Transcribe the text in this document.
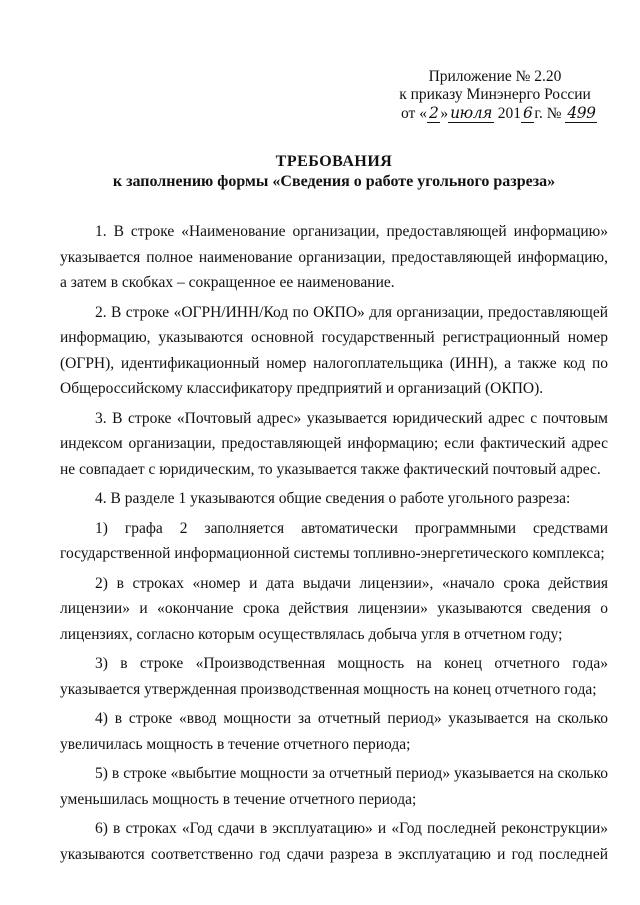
Приложение № 2.20
к приказу Минэнерго России
от « 2 » июля 201 6 г. № 499
ТРЕБОВАНИЯ
к заполнению формы «Сведения о работе угольного разреза»

1. В строке «Наименование организации, предоставляющей информацию» указывается полное наименование организации, предоставляющей информацию, а затем в скобках – сокращенное ее наименование.

2. В строке «ОГРН/ИНН/Код по ОКПО» для организации, предоставляющей информацию, указываются основной государственный регистрационный номер (ОГРН), идентификационный номер налогоплательщика (ИНН), а также код по Общероссийскому классификатору предприятий и организаций (ОКПО).

3. В строке «Почтовый адрес» указывается юридический адрес с почтовым индексом организации, предоставляющей информацию; если фактический адрес не совпадает с юридическим, то указывается также фактический почтовый адрес.

4. В разделе 1 указываются общие сведения о работе угольного разреза:

1) графа 2 заполняется автоматически программными средствами государственной информационной системы топливно-энергетического комплекса;

2) в строках «номер и дата выдачи лицензии», «начало срока действия лицензии» и «окончание срока действия лицензии» указываются сведения о лицензиях, согласно которым осуществлялась добыча угля в отчетном году;

3) в строке «Производственная мощность на конец отчетного года» указывается утвержденная производственная мощность на конец отчетного года;

4) в строке «ввод мощности за отчетный период» указывается на сколько увеличилась мощность в течение отчетного периода;

5) в строке «выбытие мощности за отчетный период» указывается на сколько уменьшилась мощность в течение отчетного периода;

6) в строках «Год сдачи в эксплуатацию» и «Год последней реконструкции» указываются соответственно год сдачи разреза в эксплуатацию и год последней
